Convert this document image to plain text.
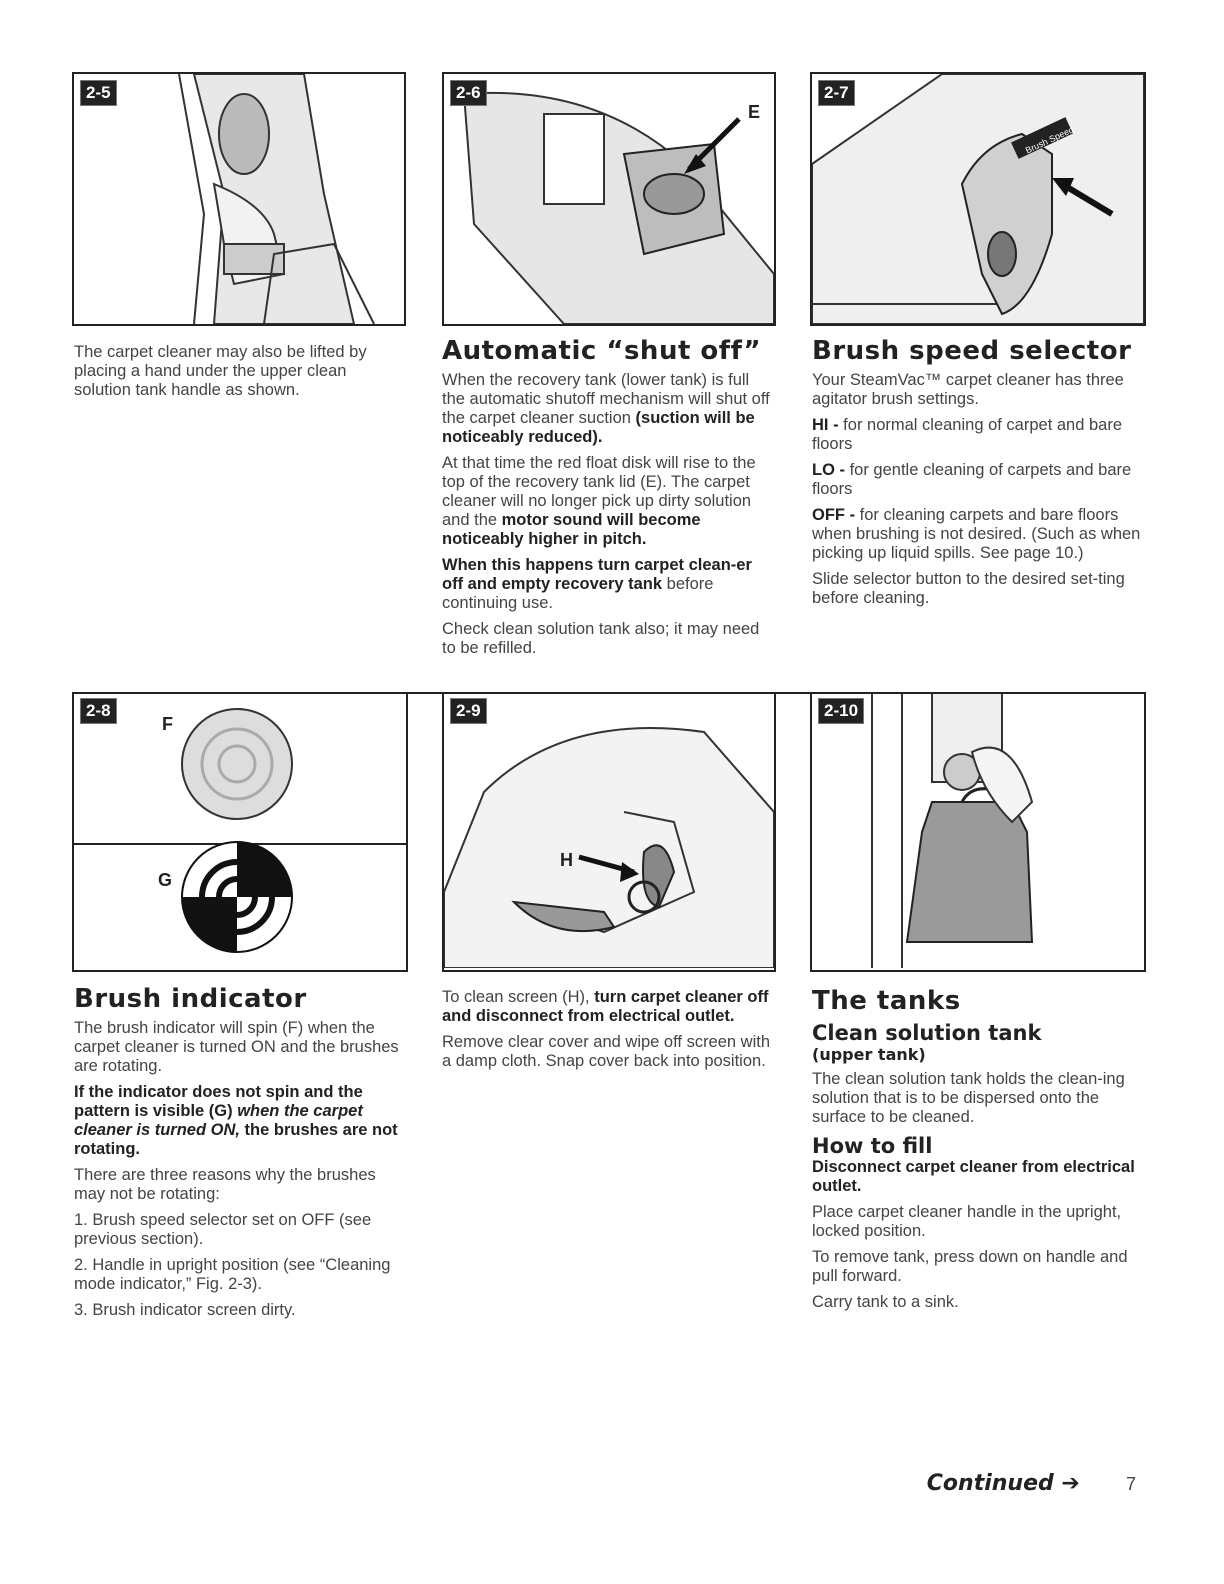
2-5	2-6
E
2-7
Brush Speed
2-8
F
G
2-9
H
2-10

The carpet cleaner may also be lifted by placing a hand under the upper clean solution tank handle as shown.

Automatic “shut off”

When the recovery tank (lower tank) is full the automatic shutoff mechanism will shut off the carpet cleaner suction (suction will be noticeably reduced).

At that time the red float disk will rise to the top of the recovery tank lid (E). The carpet cleaner will no longer pick up dirty solution and the motor sound will become noticeably higher in pitch.

When this happens turn carpet clean-er off and empty recovery tank before continuing use.

Check clean solution tank also; it may need to be refilled.

Brush speed selector

Your SteamVac™ carpet cleaner has three agitator brush settings.

HI - for normal cleaning of carpet and bare floors

LO - for gentle cleaning of carpets and bare floors

OFF - for cleaning carpets and bare floors when brushing is not desired. (Such as when picking up liquid spills. See page 10.)

Slide selector button to the desired set-ting before cleaning.

Brush indicator

The brush indicator will spin (F) when the carpet cleaner is turned ON and the brushes are rotating.

If the indicator does not spin and the pattern is visible (G) when the carpet cleaner is turned ON, the brushes are not rotating.

There are three reasons why the brushes may not be rotating:

1. Brush speed selector set on OFF (see previous section).

2. Handle in upright position (see “Cleaning mode indicator,” Fig. 2-3).

3. Brush indicator screen dirty.

To clean screen (H), turn carpet cleaner off and disconnect from electrical outlet.

Remove clear cover and wipe off screen with a damp cloth. Snap cover back into position.

The tanks
Clean solution tank
(upper tank)

The clean solution tank holds the clean-ing solution that is to be dispersed onto the surface to be cleaned.

How to fill

Disconnect carpet cleaner from electrical outlet.

Place carpet cleaner handle in the upright, locked position.

To remove tank, press down on handle and pull forward.

Carry tank to a sink.

Continued ➔	7
